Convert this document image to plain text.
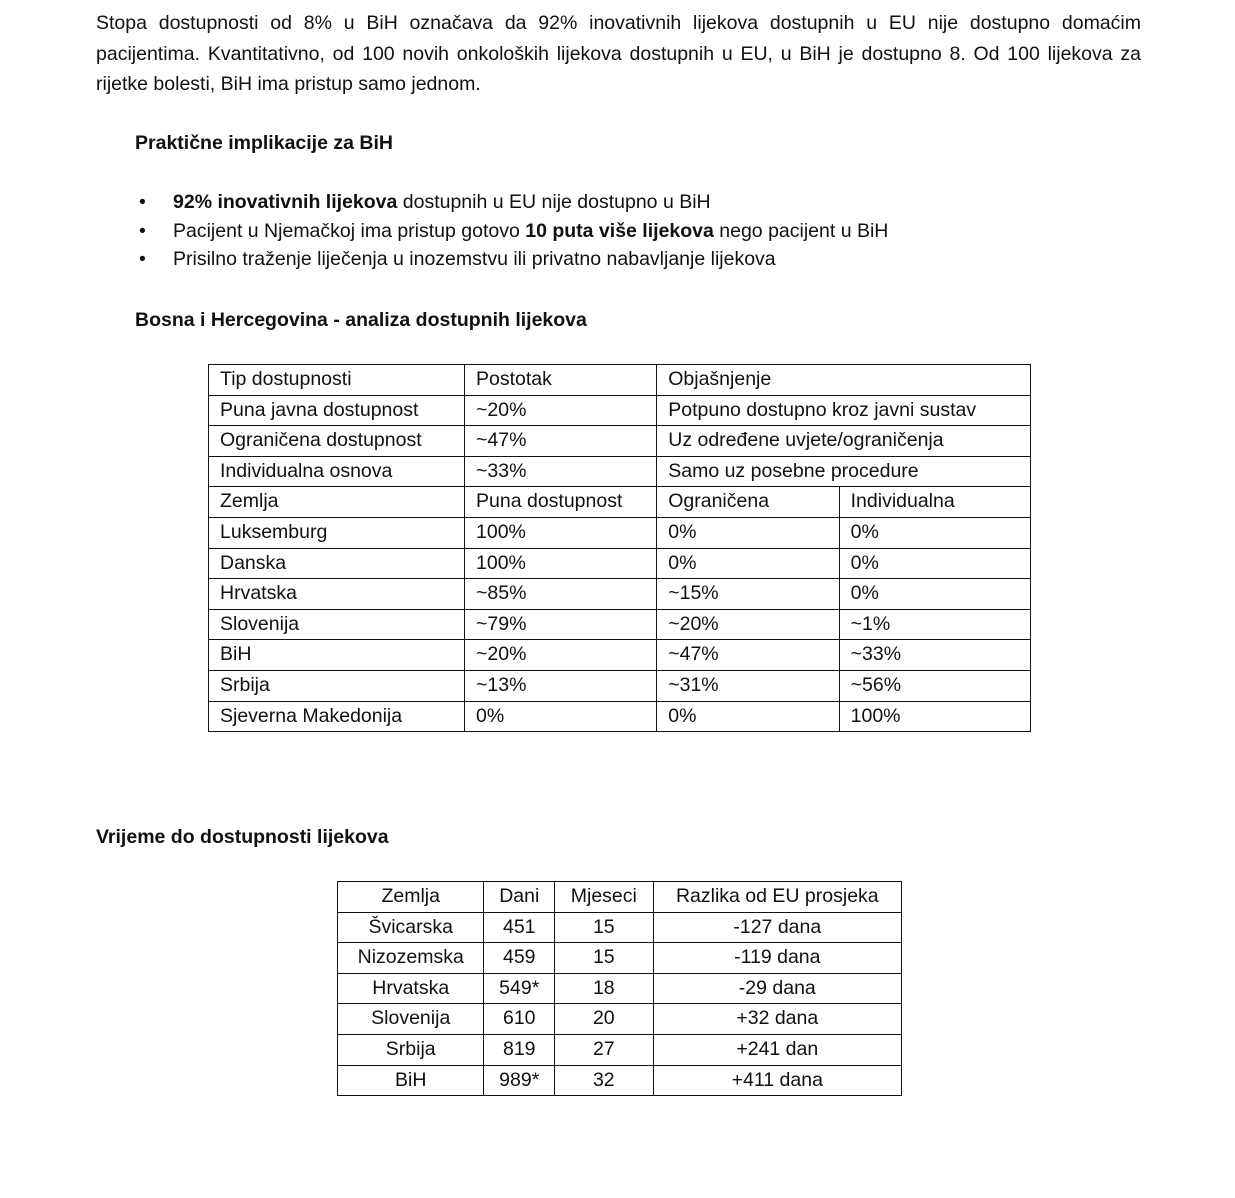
Stopa dostupnosti od 8% u BiH označava da 92% inovativnih lijekova dostupnih u EU nije dostupno domaćim pacijentima. Kvantitativno, od 100 novih onkoloških lijekova dostupnih u EU, u BiH je dostupno 8. Od 100 lijekova za rijetke bolesti, BiH ima pristup samo jednom.

Praktične implikacije za BiH

• 92% inovativnih lijekova dostupnih u EU nije dostupno u BiH
• Pacijent u Njemačkoj ima pristup gotovo 10 puta više lijekova nego pacijent u BiH
• Prisilno traženje liječenja u inozemstvu ili privatno nabavljanje lijekova

Bosna i Hercegovina - analiza dostupnih lijekova

Tip dostupnosti	Postotak	Objašnjenje	
Puna javna dostupnost	~20%	Potpuno dostupno kroz javni sustav	
Ograničena dostupnost	~47%	Uz određene uvjete/ograničenja	
Individualna osnova	~33%	Samo uz posebne procedure	
Zemlja	Puna dostupnost	Ograničena	Individualna
Luksemburg	100%	0%	0%
Danska	100%	0%	0%
Hrvatska	~85%	~15%	0%
Slovenija	~79%	~20%	~1%
BiH	~20%	~47%	~33%
Srbija	~13%	~31%	~56%
Sjeverna Makedonija	0%	0%	100%

Vrijeme do dostupnosti lijekova

Zemlja	Dani	Mjeseci	Razlika od EU prosjeka
Švicarska	451	15	-127 dana
Nizozemska	459	15	-119 dana
Hrvatska	549*	18	-29 dana
Slovenija	610	20	+32 dana
Srbija	819	27	+241 dan
BiH	989*	32	+411 dana
